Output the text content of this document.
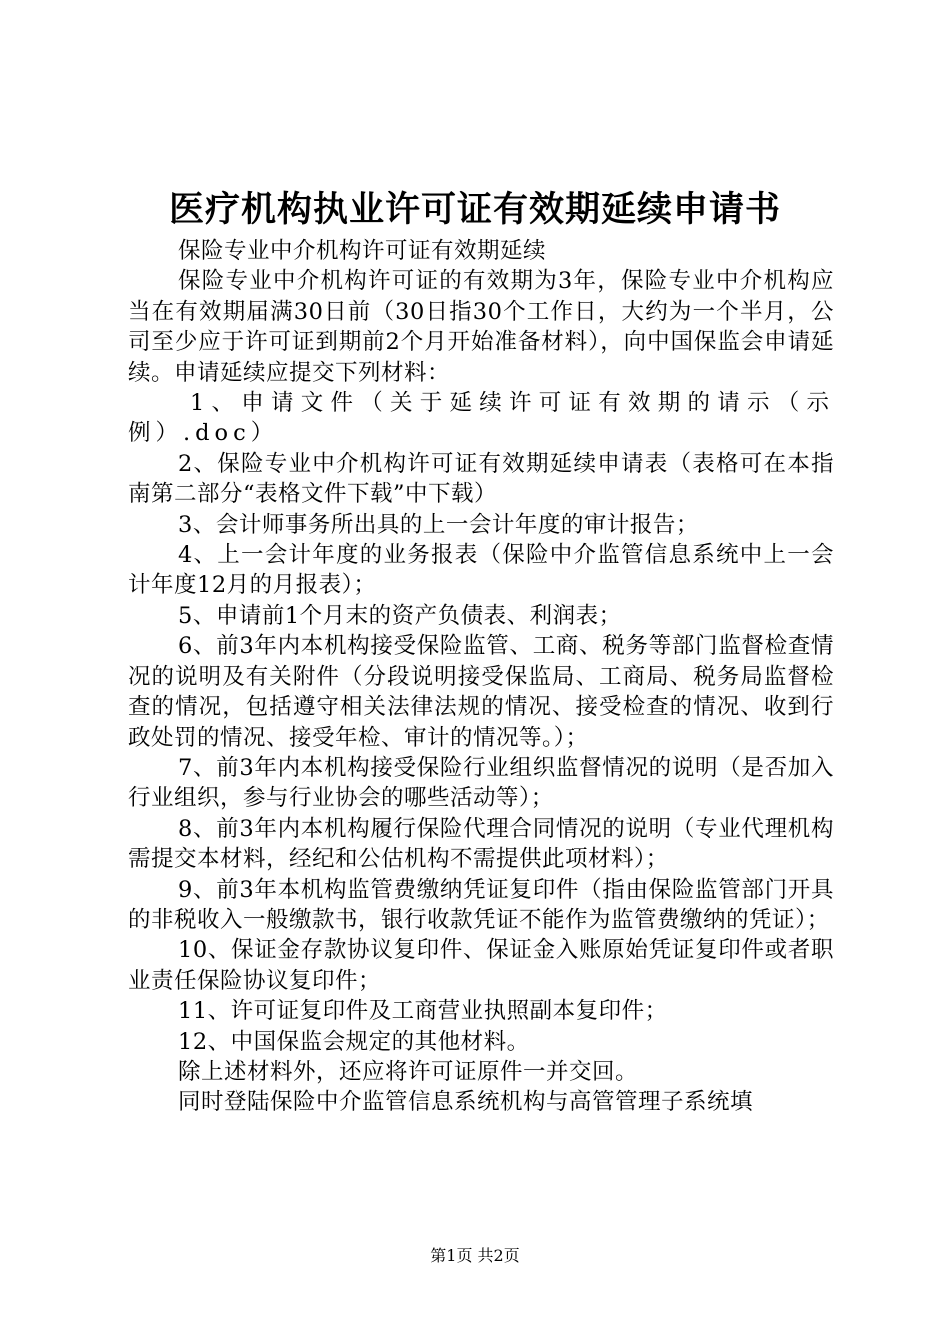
医疗机构执业许可证有效期延续申请书

保险专业中介机构许可证有效期延续

保险专业中介机构许可证的有效期为3年，保险专业中介机构应当在有效期届满30日前（30日指30个工作日，大约为一个半月，公司至少应于许可证到期前2个月开始准备材料），向中国保监会申请延续。申请延续应提交下列材料：

1、申请文件（关于延续许可证有效期的请示（示例）.doc）

2、保险专业中介机构许可证有效期延续申请表（表格可在本指南第二部分“表格文件下载”中下载）

3、会计师事务所出具的上一会计年度的审计报告；

4、上一会计年度的业务报表（保险中介监管信息系统中上一会计年度12月的月报表）；

5、申请前1个月末的资产负债表、利润表；

6、前3年内本机构接受保险监管、工商、税务等部门监督检查情况的说明及有关附件（分段说明接受保监局、工商局、税务局监督检查的情况，包括遵守相关法律法规的情况、接受检查的情况、收到行政处罚的情况、接受年检、审计的情况等。）；

7、前3年内本机构接受保险行业组织监督情况的说明（是否加入行业组织，参与行业协会的哪些活动等）；

8、前3年内本机构履行保险代理合同情况的说明（专业代理机构需提交本材料，经纪和公估机构不需提供此项材料）；

9、前3年本机构监管费缴纳凭证复印件（指由保险监管部门开具的非税收入一般缴款书，银行收款凭证不能作为监管费缴纳的凭证）；

10、保证金存款协议复印件、保证金入账原始凭证复印件或者职业责任保险协议复印件；

11、许可证复印件及工商营业执照副本复印件；

12、中国保监会规定的其他材料。

除上述材料外，还应将许可证原件一并交回。

同时登陆保险中介监管信息系统机构与高管管理子系统填

第1页 共2页
